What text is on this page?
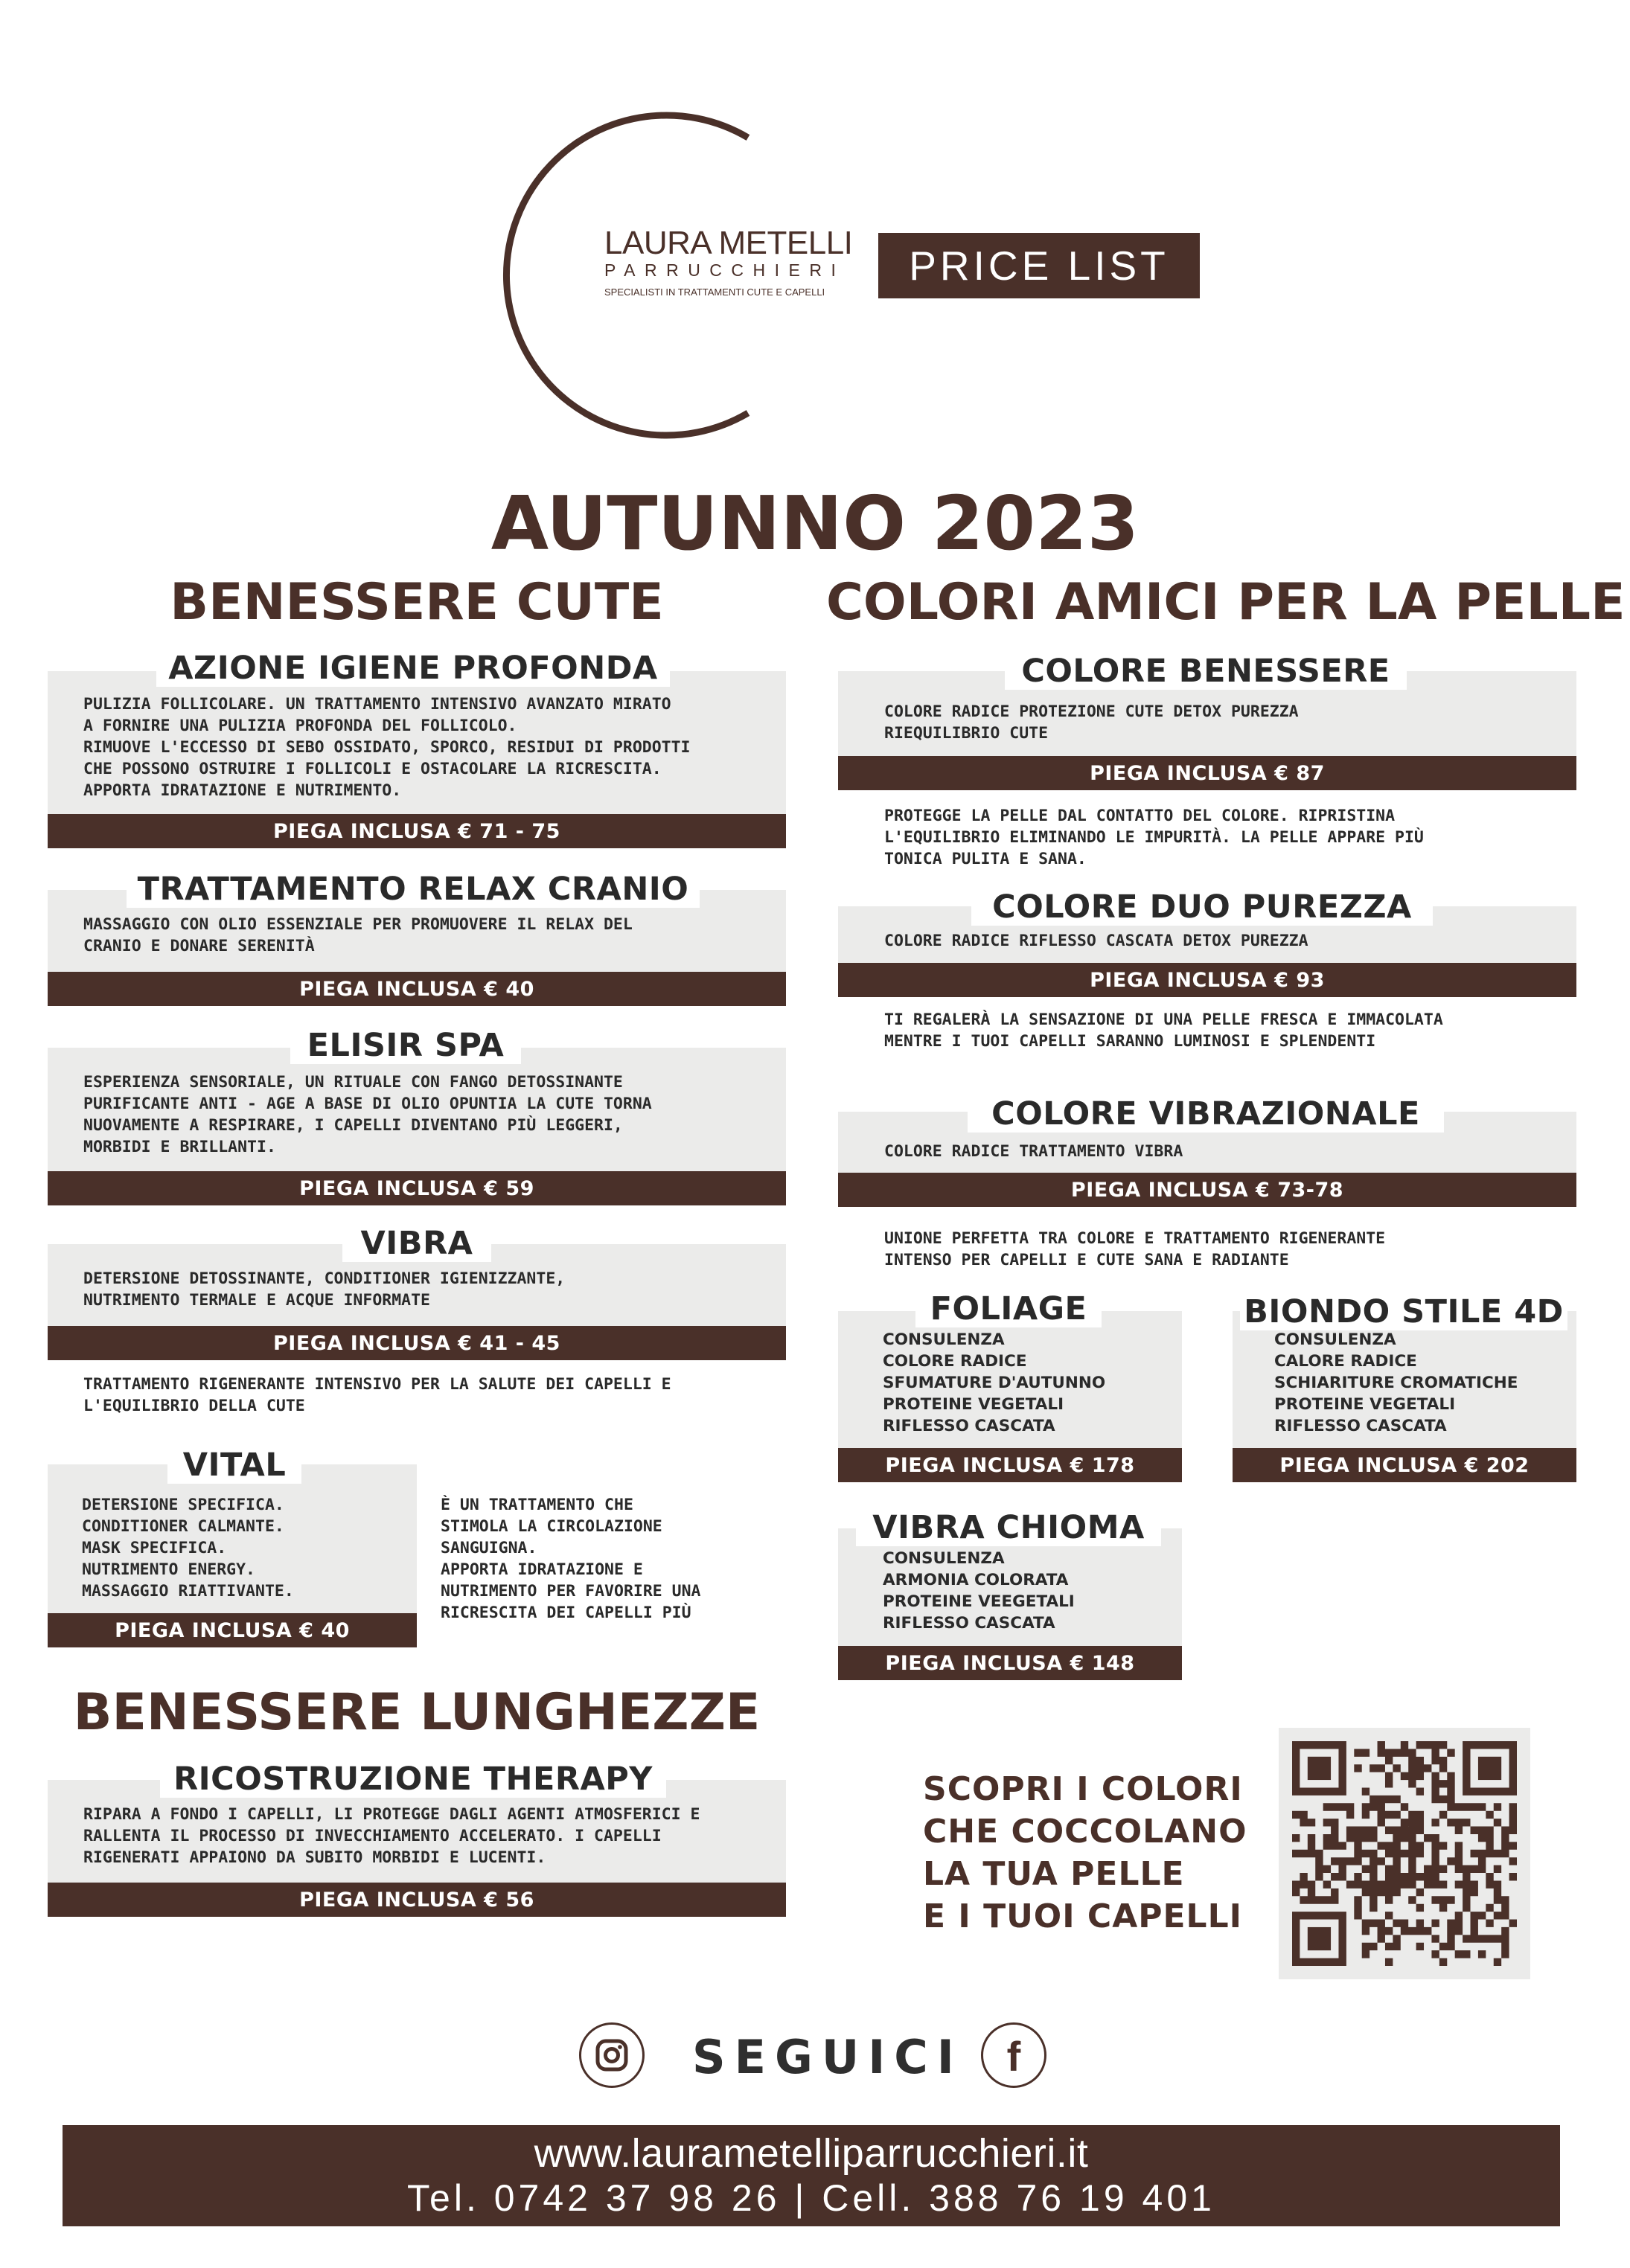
LAURA METELLI
PARRUCCHIERI
SPECIALISTI IN TRATTAMENTI CUTE E CAPELLI
PRICE LIST
AUTUNNO 2023
BENESSERE CUTE
AZIONE IGIENE PROFONDA
PULIZIA FOLLICOLARE. UN TRATTAMENTO INTENSIVO AVANZATO MIRATO
A FORNIRE UNA PULIZIA PROFONDA DEL FOLLICOLO.
RIMUOVE L'ECCESSO DI SEBO OSSIDATO, SPORCO, RESIDUI DI PRODOTTI
CHE POSSONO OSTRUIRE I FOLLICOLI E OSTACOLARE LA RICRESCITA.
APPORTA IDRATAZIONE E NUTRIMENTO.
PIEGA INCLUSA € 71 - 75
TRATTAMENTO RELAX CRANIO
MASSAGGIO CON OLIO ESSENZIALE PER PROMUOVERE IL RELAX DEL
CRANIO E DONARE SERENITÀ
PIEGA INCLUSA € 40
ELISIR SPA
ESPERIENZA SENSORIALE, UN RITUALE CON FANGO DETOSSINANTE
PURIFICANTE ANTI - AGE A BASE DI OLIO OPUNTIA LA CUTE TORNA
NUOVAMENTE A RESPIRARE, I CAPELLI DIVENTANO PIÙ LEGGERI,
MORBIDI E BRILLANTI.
PIEGA INCLUSA € 59
VIBRA
DETERSIONE DETOSSINANTE, CONDITIONER IGIENIZZANTE,
NUTRIMENTO TERMALE E ACQUE INFORMATE
PIEGA INCLUSA € 41 - 45
TRATTAMENTO RIGENERANTE INTENSIVO PER LA SALUTE DEI CAPELLI E
L'EQUILIBRIO DELLA CUTE
VITAL
DETERSIONE SPECIFICA.
CONDITIONER CALMANTE.
MASK SPECIFICA.
NUTRIMENTO ENERGY.
MASSAGGIO RIATTIVANTE.
PIEGA INCLUSA € 40
È UN TRATTAMENTO CHE
STIMOLA LA CIRCOLAZIONE
SANGUIGNA.
APPORTA IDRATAZIONE E
NUTRIMENTO PER FAVORIRE UNA
RICRESCITA DEI CAPELLI PIÙ
BENESSERE LUNGHEZZE
RICOSTRUZIONE THERAPY
RIPARA A FONDO I CAPELLI, LI PROTEGGE DAGLI AGENTI ATMOSFERICI E
RALLENTA IL PROCESSO DI INVECCHIAMENTO ACCELERATO. I CAPELLI
RIGENERATI APPAIONO DA SUBITO MORBIDI E LUCENTI.
PIEGA INCLUSA € 56
COLORI AMICI PER LA PELLE
COLORE BENESSERE
COLORE RADICE PROTEZIONE CUTE DETOX PUREZZA
RIEQUILIBRIO CUTE
PIEGA INCLUSA € 87
PROTEGGE LA PELLE DAL CONTATTO DEL COLORE. RIPRISTINA
L'EQUILIBRIO ELIMINANDO LE IMPURITÀ. LA PELLE APPARE PIÙ
TONICA PULITA E SANA.
COLORE DUO PUREZZA
COLORE RADICE RIFLESSO CASCATA DETOX PUREZZA
PIEGA INCLUSA € 93
TI REGALERÀ LA SENSAZIONE DI UNA PELLE FRESCA E IMMACOLATA
MENTRE I TUOI CAPELLI SARANNO LUMINOSI E SPLENDENTI
COLORE VIBRAZIONALE
COLORE RADICE TRATTAMENTO VIBRA
PIEGA INCLUSA € 73-78
UNIONE PERFETTA TRA COLORE E TRATTAMENTO RIGENERANTE
INTENSO PER CAPELLI E CUTE SANA E RADIANTE
FOLIAGE
CONSULENZA
COLORE RADICE
SFUMATURE D'AUTUNNO
PROTEINE VEGETALI
RIFLESSO CASCATA
PIEGA INCLUSA € 178
BIONDO STILE 4D
CONSULENZA
CALORE RADICE
SCHIARITURE CROMATICHE
PROTEINE VEGETALI
RIFLESSO CASCATA
PIEGA INCLUSA € 202
VIBRA CHIOMA
CONSULENZA
ARMONIA COLORATA
PROTEINE VEEGETALI
RIFLESSO CASCATA
PIEGA INCLUSA € 148
SCOPRI I COLORI
CHE COCCOLANO
LA TUA PELLE
E I TUOI CAPELLI
SEGUICI f
www.laurametelliparrucchieri.it
Tel. 0742 37 98 26 | Cell. 388 76 19 401
